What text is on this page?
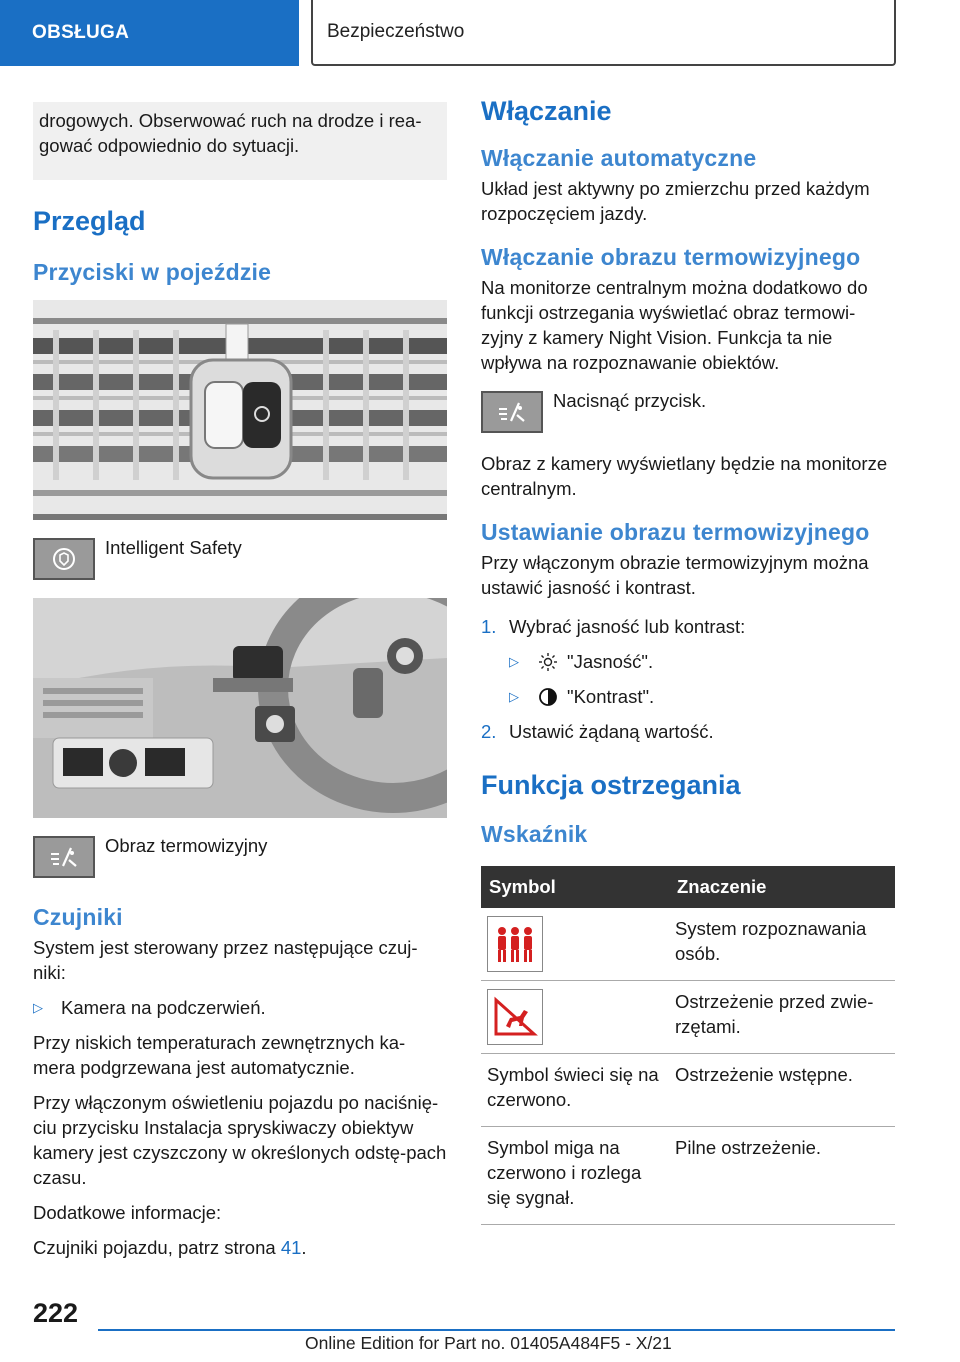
OBSŁUGA	Bezpieczeństwo
drogowych. Obserwować ruch na drodze i rea-gować odpowiednio do sytuacji.
Przegląd
Przyciski w pojeździe
Intelligent Safety
Obraz termowizyjny
Czujniki

System jest sterowany przez następujące czuj-niki:

▷ Kamera na podczerwień.

Przy niskich temperaturach zewnętrznych ka-mera podgrzewana jest automatycznie.

Przy włączonym oświetleniu pojazdu po naciśnię-ciu przycisku Instalacja spryskiwaczy obiektyw kamery jest czyszczony w określonych odstę-pach czasu.

Dodatkowe informacje:

Czujniki pojazdu, patrz strona 41.

Włączanie
Włączanie automatyczne

Układ jest aktywny po zmierzchu przed każdym rozpoczęciem jazdy.

Włączanie obrazu termowizyjnego

Na monitorze centralnym można dodatkowo do funkcji ostrzegania wyświetlać obraz termowi-zyjny z kamery Night Vision. Funkcja ta nie wpływa na rozpoznawanie obiektów.

Nacisnąć przycisk.

Obraz z kamery wyświetlany będzie na monitorze centralnym.

Ustawianie obrazu termowizyjnego

Przy włączonym obrazie termowizyjnym można ustawić jasność i kontrast.

1. Wybrać jasność lub kontrast:
▷	"Jasność".
▷	"Kontrast".
2. Ustawić żądaną wartość.
Funkcja ostrzegania
Wskaźnik
Symbol	Znaczenie

	System rozpoznawania osób.

	Ostrzeżenie przed zwie-rzętami.
Symbol świeci się na czerwono.	Ostrzeżenie wstępne.
Symbol miga na czerwono i rozlega się sygnał.	Pilne ostrzeżenie.
222
Online Edition for Part no. 01405A484F5 - X/21
